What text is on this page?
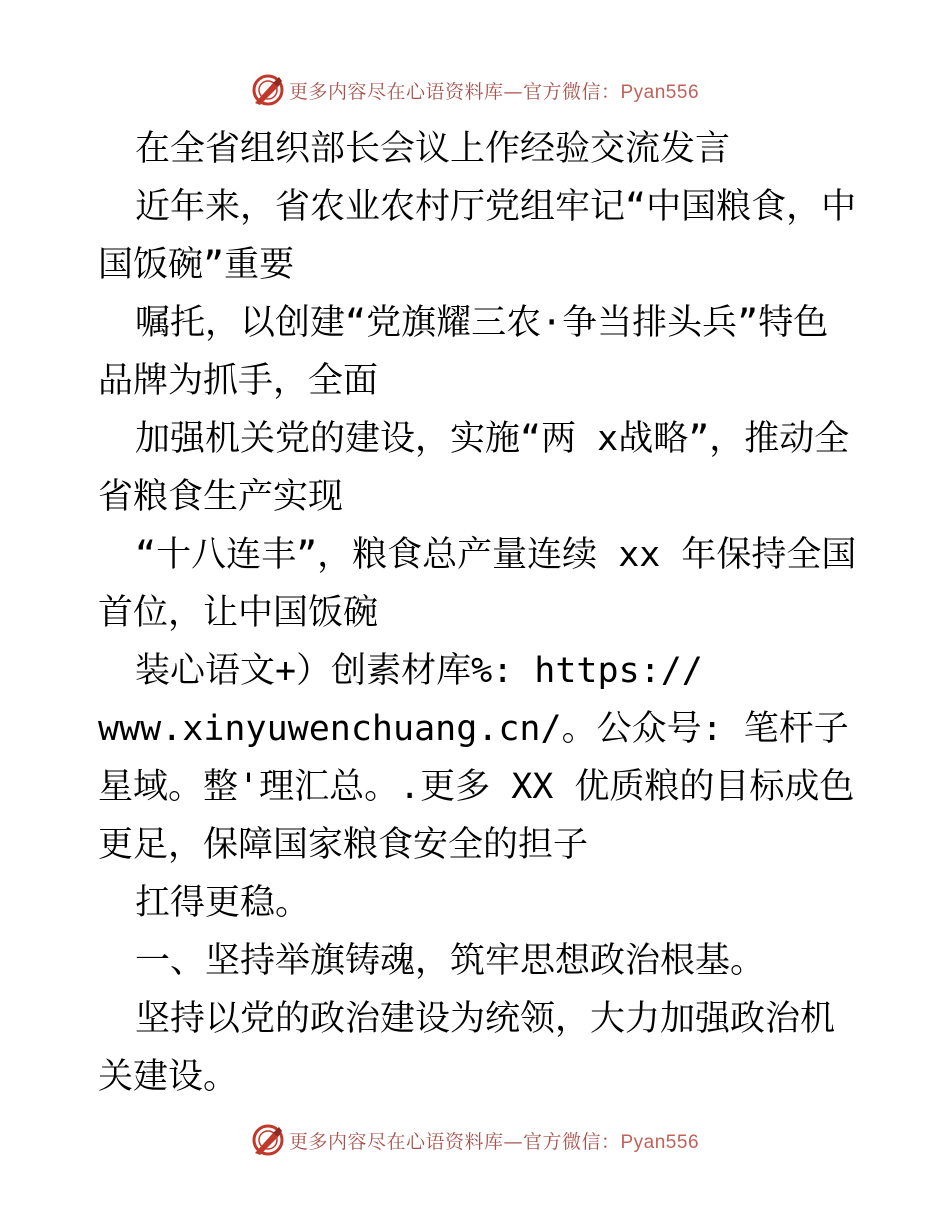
更多内容尽在心语资料库—官方微信：Pyan556

在全省组织部长会议上作经验交流发言

近年来，省农业农村厅党组牢记“中国粮食，中国饭碗”重要

嘱托，以创建“党旗耀三农·争当排头兵”特色品牌为抓手，全面

加强机关党的建设，实施“两 x战略”，推动全省粮食生产实现

“十八连丰”，粮食总产量连续 xx 年保持全国首位，让中国饭碗

装心语文+）创素材库%: https://

www.xinyuwenchuang.cn/。公众号: 笔杆子星域。整'理汇总。.更多 XX 优质粮的目标成色更足，保障国家粮食安全的担子

扛得更稳。

一、坚持举旗铸魂，筑牢思想政治根基。

坚持以党的政治建设为统领，大力加强政治机关建设。

更多内容尽在心语资料库—官方微信：Pyan556
